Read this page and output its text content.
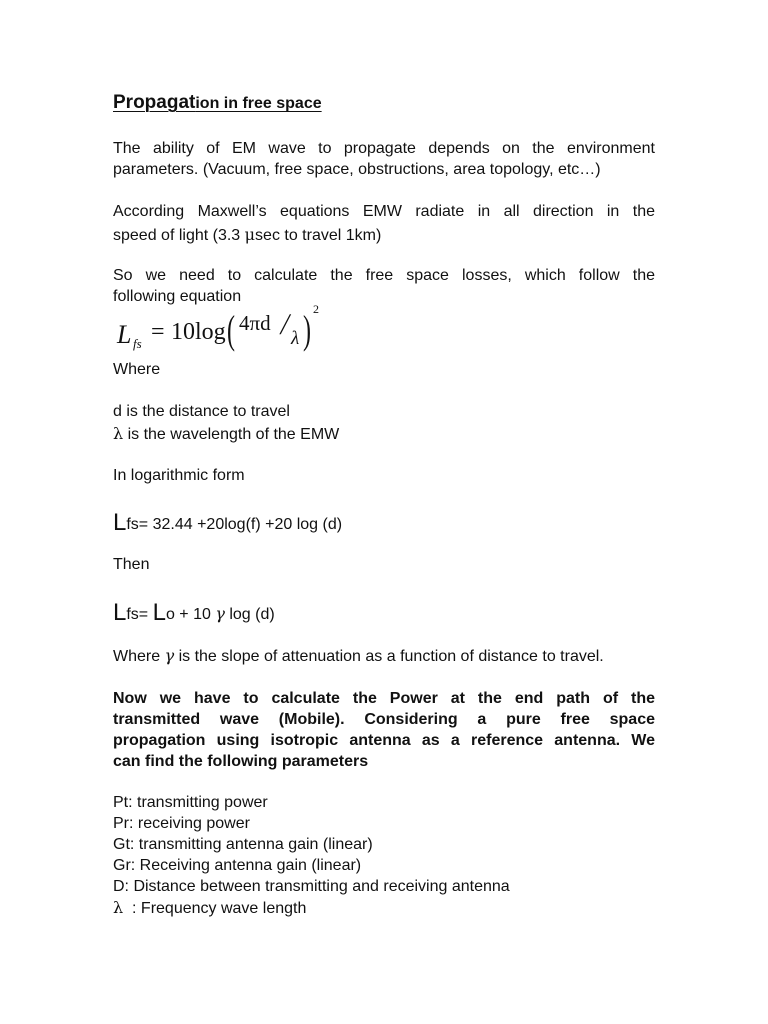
Propagation in free space

The ability of EM wave to propagate depends on the environment

parameters. (Vacuum, free space, obstructions, area topology, etc…)

According Maxwell’s equations EMW radiate in all direction in the

speed of light (3.3 μsec to travel 1km)

So we need to calculate the free space losses, which follow the

following equation

L fs = 10log ( 4πd /
λ ) 2
Where
d is the distance to travel
λ is the wavelength of the EMW
In logarithmic form
Lfs= 32.44 +20log(f) +20 log (d)
Then
Lfs= Lo + 10 γ log (d)
Where γ is the slope of attenuation as a function of distance to travel.

Now we have to calculate the Power at the end path of the

transmitted wave (Mobile). Considering a pure free space

propagation using isotropic antenna as a reference antenna. We

can find the following parameters

Pt: transmitting power

Pr: receiving power

Gt: transmitting antenna gain (linear)

Gr: Receiving antenna gain (linear)

D: Distance between transmitting and receiving antenna

λ  : Frequency wave length
